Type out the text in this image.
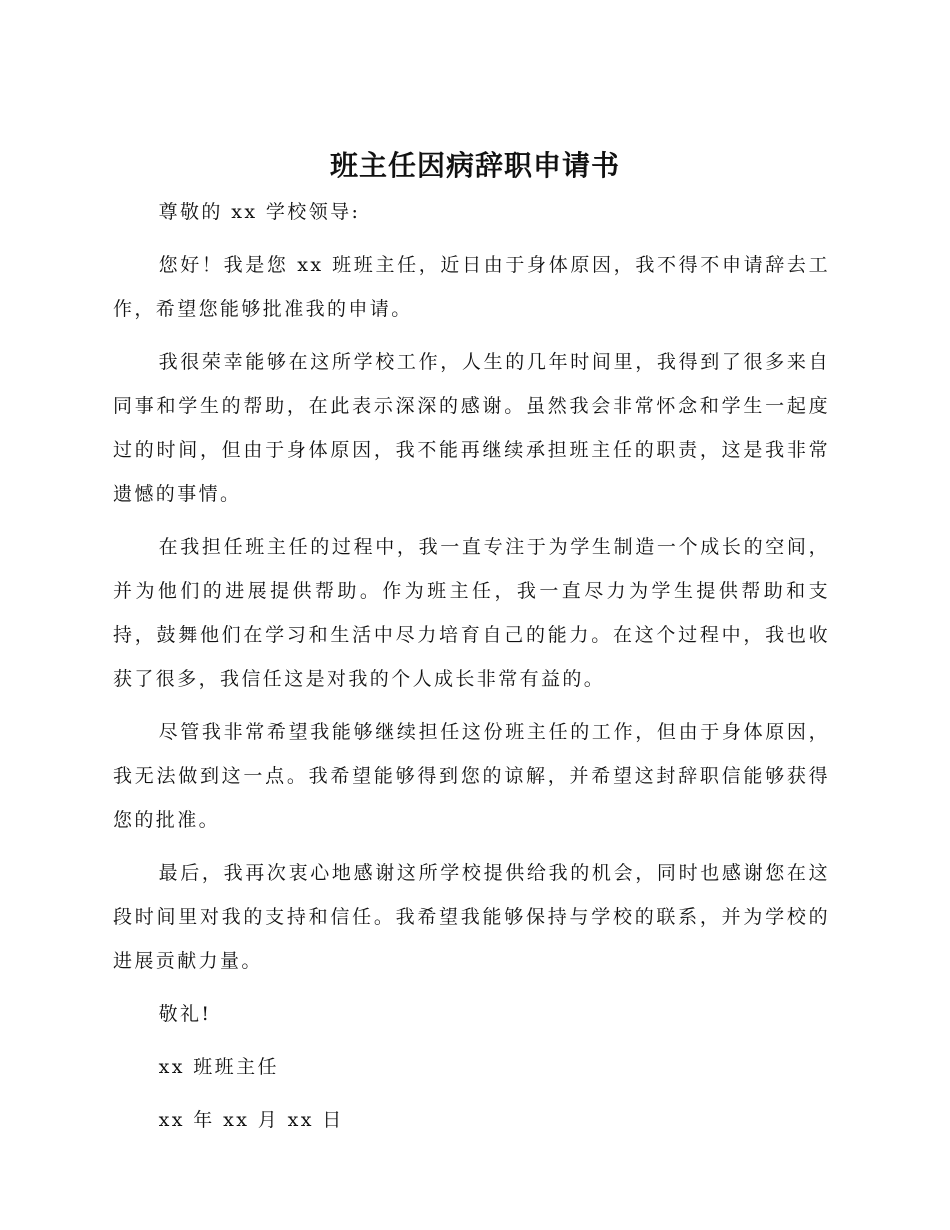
班主任因病辞职申请书

尊敬的 xx 学校领导:

您好！我是您 xx 班班主任，近日由于身体原因，我不得不申请辞去工作，希望您能够批准我的申请。

我很荣幸能够在这所学校工作，人生的几年时间里，我得到了很多来自同事和学生的帮助，在此表示深深的感谢。虽然我会非常怀念和学生一起度过的时间，但由于身体原因，我不能再继续承担班主任的职责，这是我非常遗憾的事情。

在我担任班主任的过程中，我一直专注于为学生制造一个成长的空间，并为他们的进展提供帮助。作为班主任，我一直尽力为学生提供帮助和支持，鼓舞他们在学习和生活中尽力培育自己的能力。在这个过程中，我也收获了很多，我信任这是对我的个人成长非常有益的。

尽管我非常希望我能够继续担任这份班主任的工作，但由于身体原因，我无法做到这一点。我希望能够得到您的谅解，并希望这封辞职信能够获得您的批准。

最后，我再次衷心地感谢这所学校提供给我的机会，同时也感谢您在这段时间里对我的支持和信任。我希望我能够保持与学校的联系，并为学校的进展贡献力量。

敬礼!

xx 班班主任

xx 年 xx 月 xx 日
